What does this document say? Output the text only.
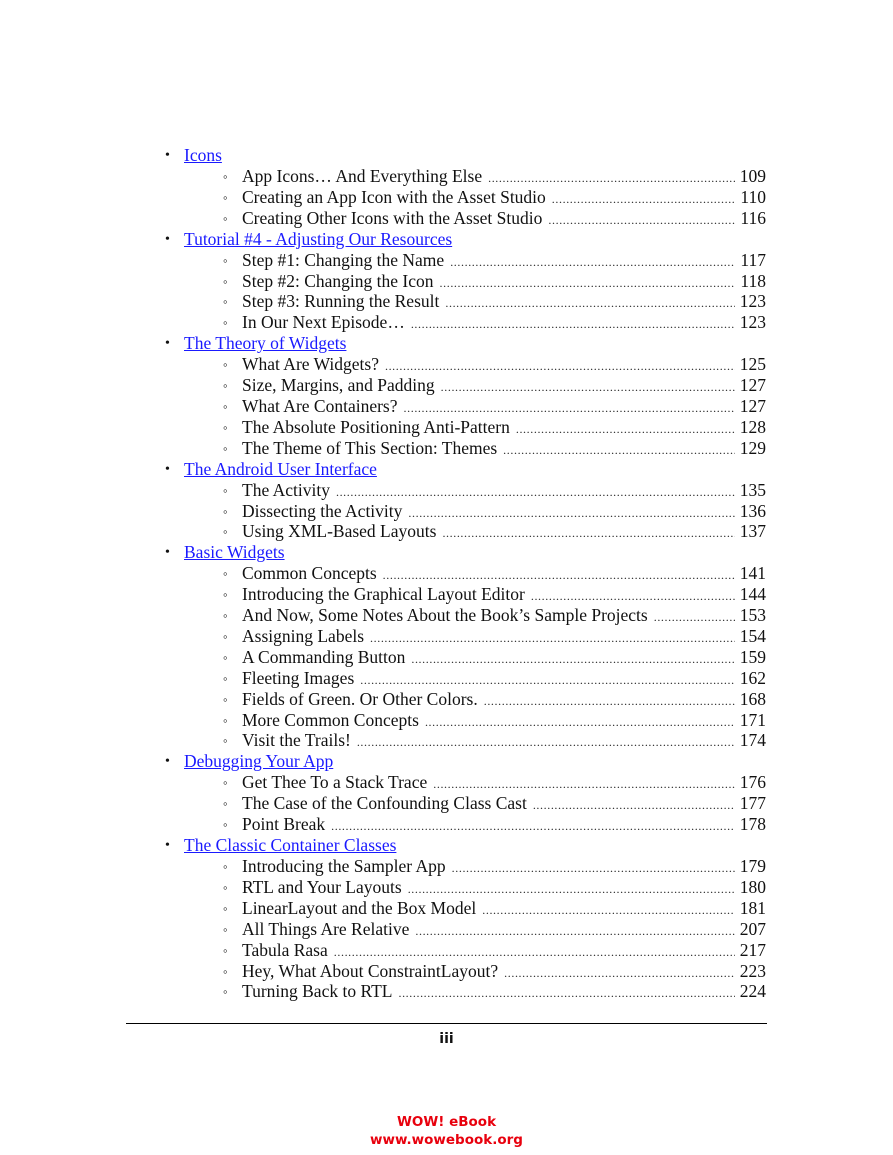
• Icons
◦ App Icons… And Everything Else .....	109
◦ Creating an App Icon with the Asset Studio .....	110
◦ Creating Other Icons with the Asset Studio .....	116
• Tutorial #4 - Adjusting Our Resources
◦ Step #1: Changing the Name .....	117
◦ Step #2: Changing the Icon .....	118
◦ Step #3: Running the Result .....	123
◦ In Our Next Episode… .....	123
• The Theory of Widgets
◦ What Are Widgets? .....	125
◦ Size, Margins, and Padding .....	127
◦ What Are Containers? .....	127
◦ The Absolute Positioning Anti-Pattern .....	128
◦ The Theme of This Section: Themes .....	129
• The Android User Interface
◦ The Activity .....	135
◦ Dissecting the Activity .....	136
◦ Using XML-Based Layouts .....	137
• Basic Widgets
◦ Common Concepts .....	141
◦ Introducing the Graphical Layout Editor .....	144
◦ And Now, Some Notes About the Book’s Sample Projects .....	153
◦ Assigning Labels .....	154
◦ A Commanding Button .....	159
◦ Fleeting Images .....	162
◦ Fields of Green. Or Other Colors. .....	168
◦ More Common Concepts .....	171
◦ Visit the Trails! .....	174
• Debugging Your App
◦ Get Thee To a Stack Trace .....	176
◦ The Case of the Confounding Class Cast .....	177
◦ Point Break .....	178
• The Classic Container Classes
◦ Introducing the Sampler App .....	179
◦ RTL and Your Layouts .....	180
◦ LinearLayout and the Box Model .....	181
◦ All Things Are Relative .....	207
◦ Tabula Rasa .....	217
◦ Hey, What About ConstraintLayout? .....	223
◦ Turning Back to RTL .....	224
iii
WOW! eBook
www.wowebook.org
